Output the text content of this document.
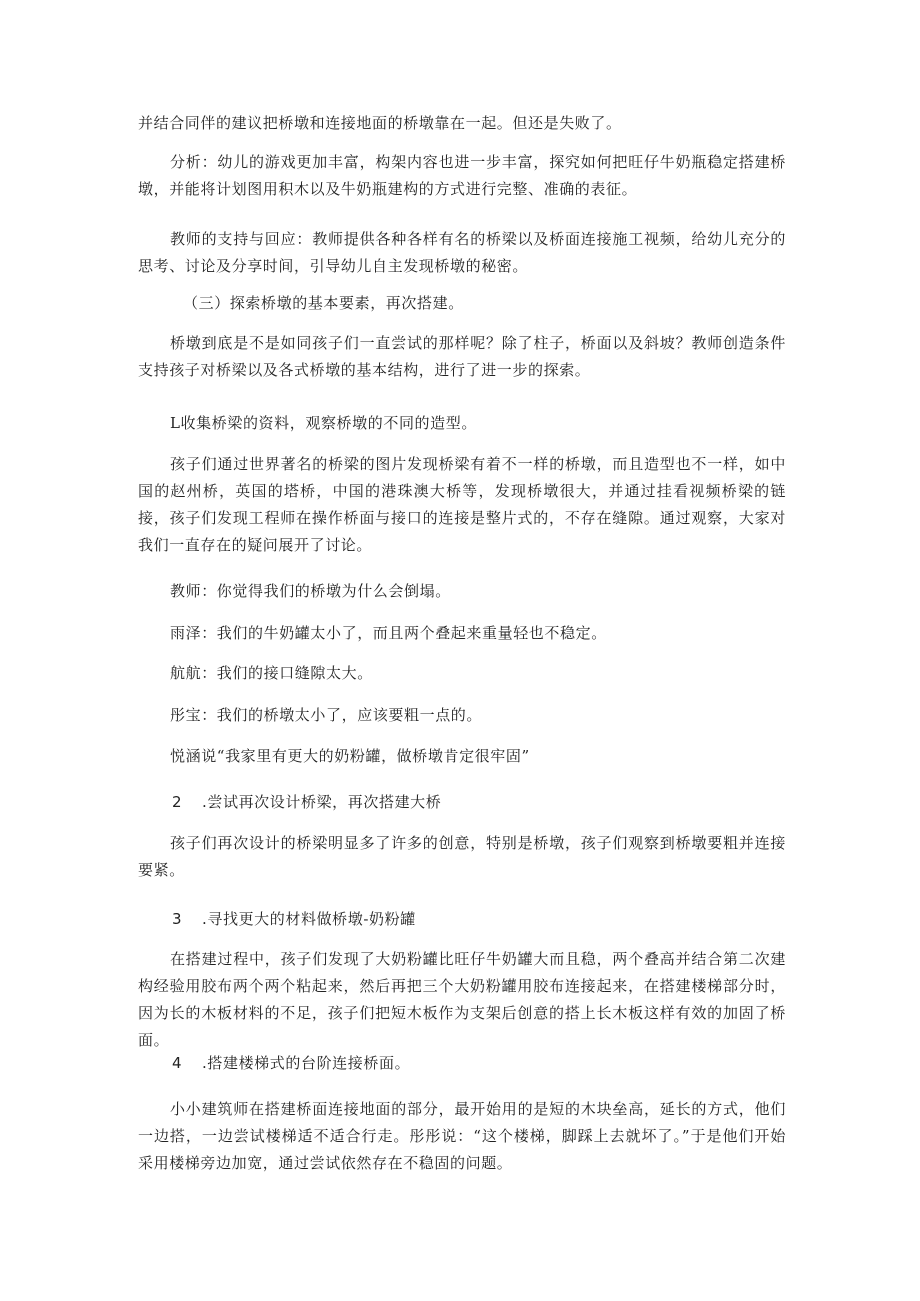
并结合同伴的建议把桥墩和连接地面的桥墩靠在一起。但还是失败了。

分析：幼儿的游戏更加丰富，构架内容也进一步丰富，探究如何把旺仔牛奶瓶稳定搭建桥墩，并能将计划图用积木以及牛奶瓶建构的方式进行完整、准确的表征。

教师的支持与回应：教师提供各种各样有名的桥梁以及桥面连接施工视频，给幼儿充分的思考、讨论及分享时间，引导幼儿自主发现桥墩的秘密。

（三）探索桥墩的基本要素，再次搭建。

桥墩到底是不是如同孩子们一直尝试的那样呢？除了柱子，桥面以及斜坡？教师创造条件支持孩子对桥梁以及各式桥墩的基本结构，进行了进一步的探索。

L收集桥梁的资料，观察桥墩的不同的造型。

孩子们通过世界著名的桥梁的图片发现桥梁有着不一样的桥墩，而且造型也不一样，如中国的赵州桥，英国的塔桥，中国的港珠澳大桥等，发现桥墩很大，并通过挂看视频桥梁的链接，孩子们发现工程师在操作桥面与接口的连接是整片式的，不存在缝隙。通过观察，大家对我们一直存在的疑问展开了讨论。

教师：你觉得我们的桥墩为什么会倒塌。

雨泽：我们的牛奶罐太小了，而且两个叠起来重量轻也不稳定。

航航：我们的接口缝隙太大。

彤宝：我们的桥墩太小了，应该要粗一点的。

悦涵说“我家里有更大的奶粉罐，做桥墩肯定很牢固”

2 .尝试再次设计桥梁，再次搭建大桥

孩子们再次设计的桥梁明显多了许多的创意，特别是桥墩，孩子们观察到桥墩要粗并连接要紧。

3 .寻找更大的材料做桥墩-奶粉罐

在搭建过程中，孩子们发现了大奶粉罐比旺仔牛奶罐大而且稳，两个叠高并结合第二次建构经验用胶布两个两个粘起来，然后再把三个大奶粉罐用胶布连接起来，在搭建楼梯部分时，因为长的木板材料的不足，孩子们把短木板作为支架后创意的搭上长木板这样有效的加固了桥面。

4 .搭建楼梯式的台阶连接桥面。

小小建筑师在搭建桥面连接地面的部分，最开始用的是短的木块垒高，延长的方式，他们一边搭，一边尝试楼梯适不适合行走。彤彤说：“这个楼梯，脚踩上去就坏了。”于是他们开始采用楼梯旁边加宽，通过尝试依然存在不稳固的问题。
